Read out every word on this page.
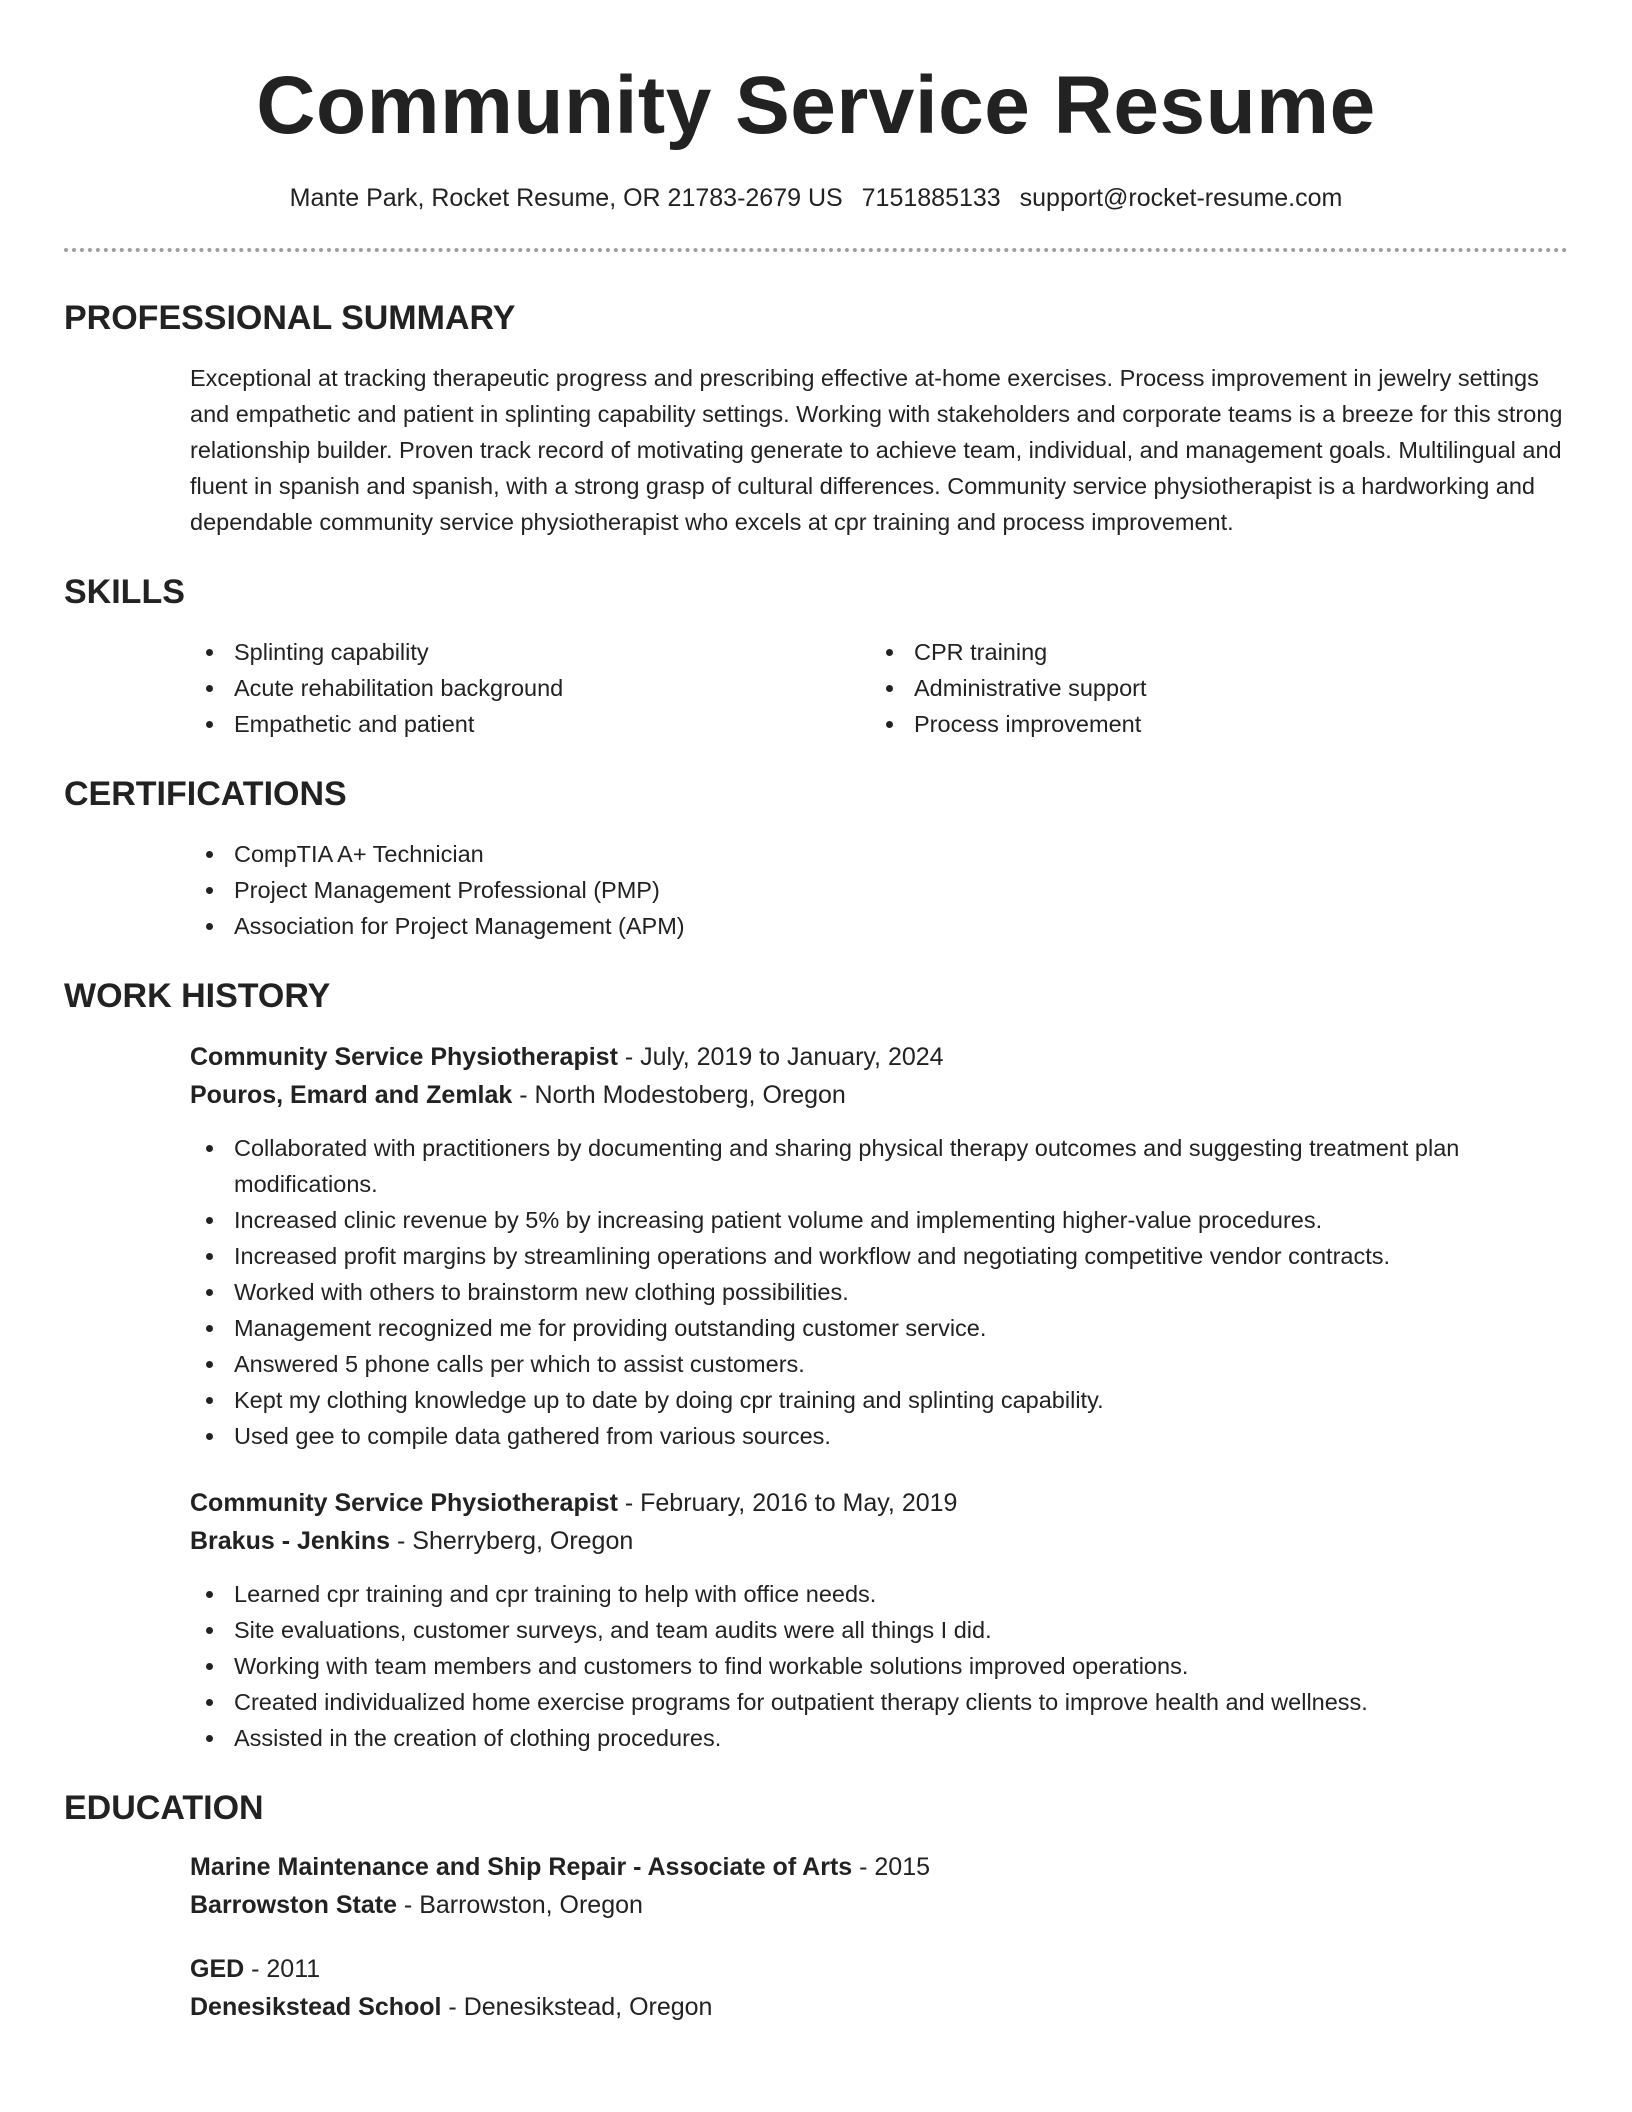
Community Service Resume
Mante Park, Rocket Resume, OR 21783-2679 US 7151885133 support@rocket-resume.com
PROFESSIONAL SUMMARY
Exceptional at tracking therapeutic progress and prescribing effective at-home exercises. Process improvement in jewelry settings and empathetic and patient in splinting capability settings. Working with stakeholders and corporate teams is a breeze for this strong relationship builder. Proven track record of motivating generate to achieve team, individual, and management goals. Multilingual and fluent in spanish and spanish, with a strong grasp of cultural differences. Community service physiotherapist is a hardworking and dependable community service physiotherapist who excels at cpr training and process improvement.
SKILLS
Splinting capability
Acute rehabilitation background
Empathetic and patient
CPR training
Administrative support
Process improvement
CERTIFICATIONS
CompTIA A+ Technician
Project Management Professional (PMP)
Association for Project Management (APM)
WORK HISTORY
Community Service Physiotherapist - July, 2019 to January, 2024
Pouros, Emard and Zemlak - North Modestoberg, Oregon
Collaborated with practitioners by documenting and sharing physical therapy outcomes and suggesting treatment plan modifications.
Increased clinic revenue by 5% by increasing patient volume and implementing higher-value procedures.
Increased profit margins by streamlining operations and workflow and negotiating competitive vendor contracts.
Worked with others to brainstorm new clothing possibilities.
Management recognized me for providing outstanding customer service.
Answered 5 phone calls per which to assist customers.
Kept my clothing knowledge up to date by doing cpr training and splinting capability.
Used gee to compile data gathered from various sources.
Community Service Physiotherapist - February, 2016 to May, 2019
Brakus - Jenkins - Sherryberg, Oregon
Learned cpr training and cpr training to help with office needs.
Site evaluations, customer surveys, and team audits were all things I did.
Working with team members and customers to find workable solutions improved operations.
Created individualized home exercise programs for outpatient therapy clients to improve health and wellness.
Assisted in the creation of clothing procedures.
EDUCATION
Marine Maintenance and Ship Repair - Associate of Arts - 2015
Barrowston State - Barrowston, Oregon
GED - 2011
Denesikstead School - Denesikstead, Oregon
